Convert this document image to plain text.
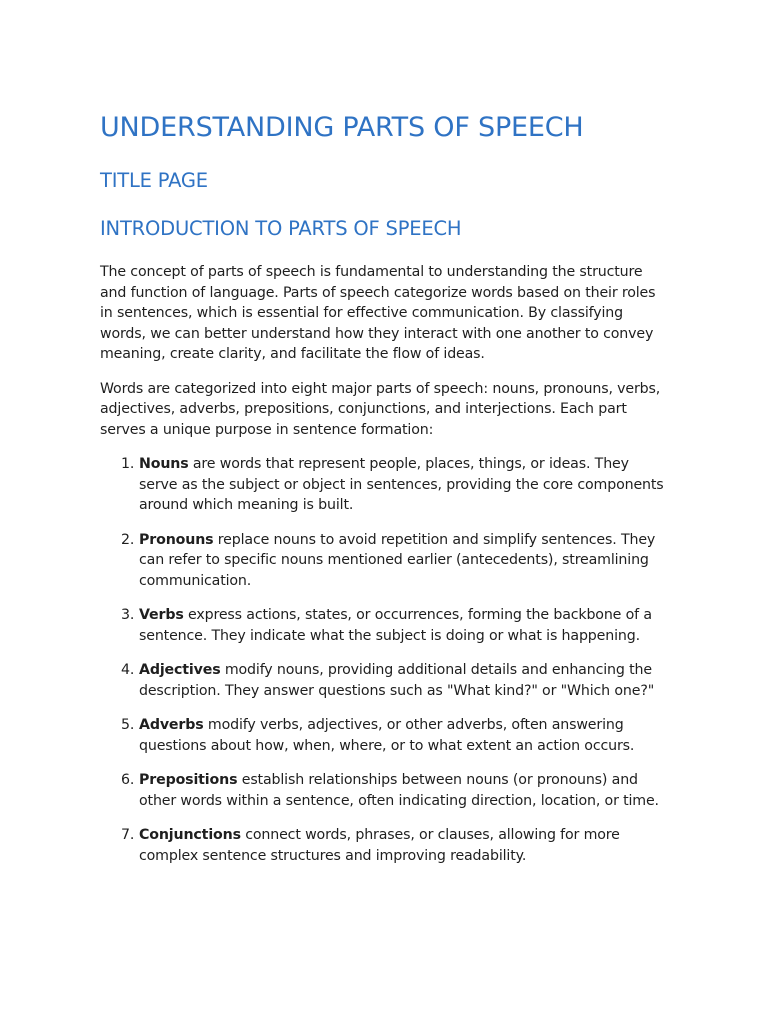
UNDERSTANDING PARTS OF SPEECH
TITLE PAGE
INTRODUCTION TO PARTS OF SPEECH

The concept of parts of speech is fundamental to understanding the structure and function of language. Parts of speech categorize words based on their roles in sentences, which is essential for effective communication. By classifying words, we can better understand how they interact with one another to convey meaning, create clarity, and facilitate the flow of ideas.

Words are categorized into eight major parts of speech: nouns, pronouns, verbs, adjectives, adverbs, prepositions, conjunctions, and interjections. Each part serves a unique purpose in sentence formation:

1. Nouns are words that represent people, places, things, or ideas. They serve as the subject or object in sentences, providing the core components around which meaning is built.
2. Pronouns replace nouns to avoid repetition and simplify sentences. They can refer to specific nouns mentioned earlier (antecedents), streamlining communication.
3. Verbs express actions, states, or occurrences, forming the backbone of a sentence. They indicate what the subject is doing or what is happening.
4. Adjectives modify nouns, providing additional details and enhancing the description. They answer questions such as "What kind?" or "Which one?"
5. Adverbs modify verbs, adjectives, or other adverbs, often answering questions about how, when, where, or to what extent an action occurs.
6. Prepositions establish relationships between nouns (or pronouns) and other words within a sentence, often indicating direction, location, or time.
7. Conjunctions connect words, phrases, or clauses, allowing for more complex sentence structures and improving readability.
